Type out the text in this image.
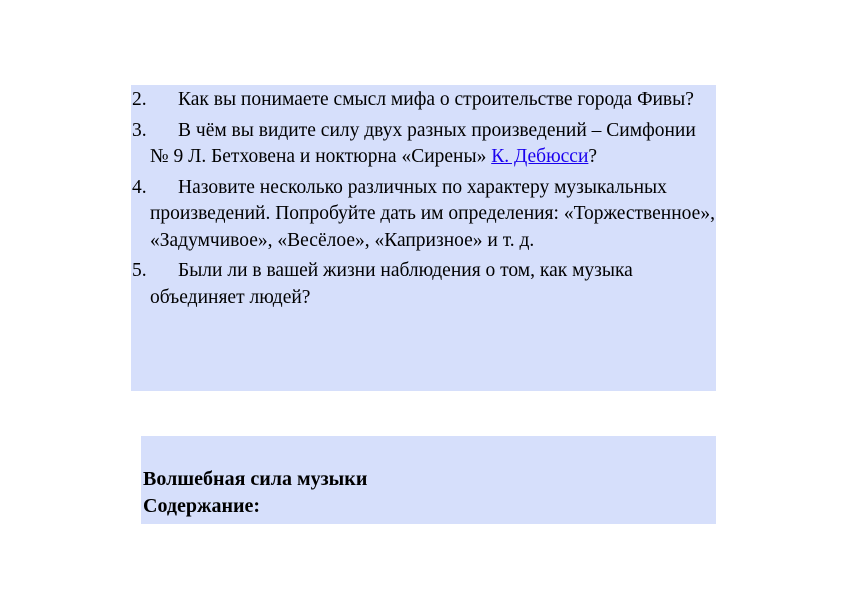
2. Как вы понимаете смысл мифа о строительстве города Фивы?
3. В чём вы видите силу двух разных произведений – Симфонии № 9 Л. Бетховена и ноктюрна «Сирены» К. Дебюсси?
4. Назовите несколько различных по характеру музыкальных произведений. Попробуйте дать им определения: «Торжественное», «Задумчивое», «Весёлое», «Капризное» и т. д.
5. Были ли в вашей жизни наблюдения о том, как музыка объединяет людей?
Волшебная сила музыки
Содержание:
